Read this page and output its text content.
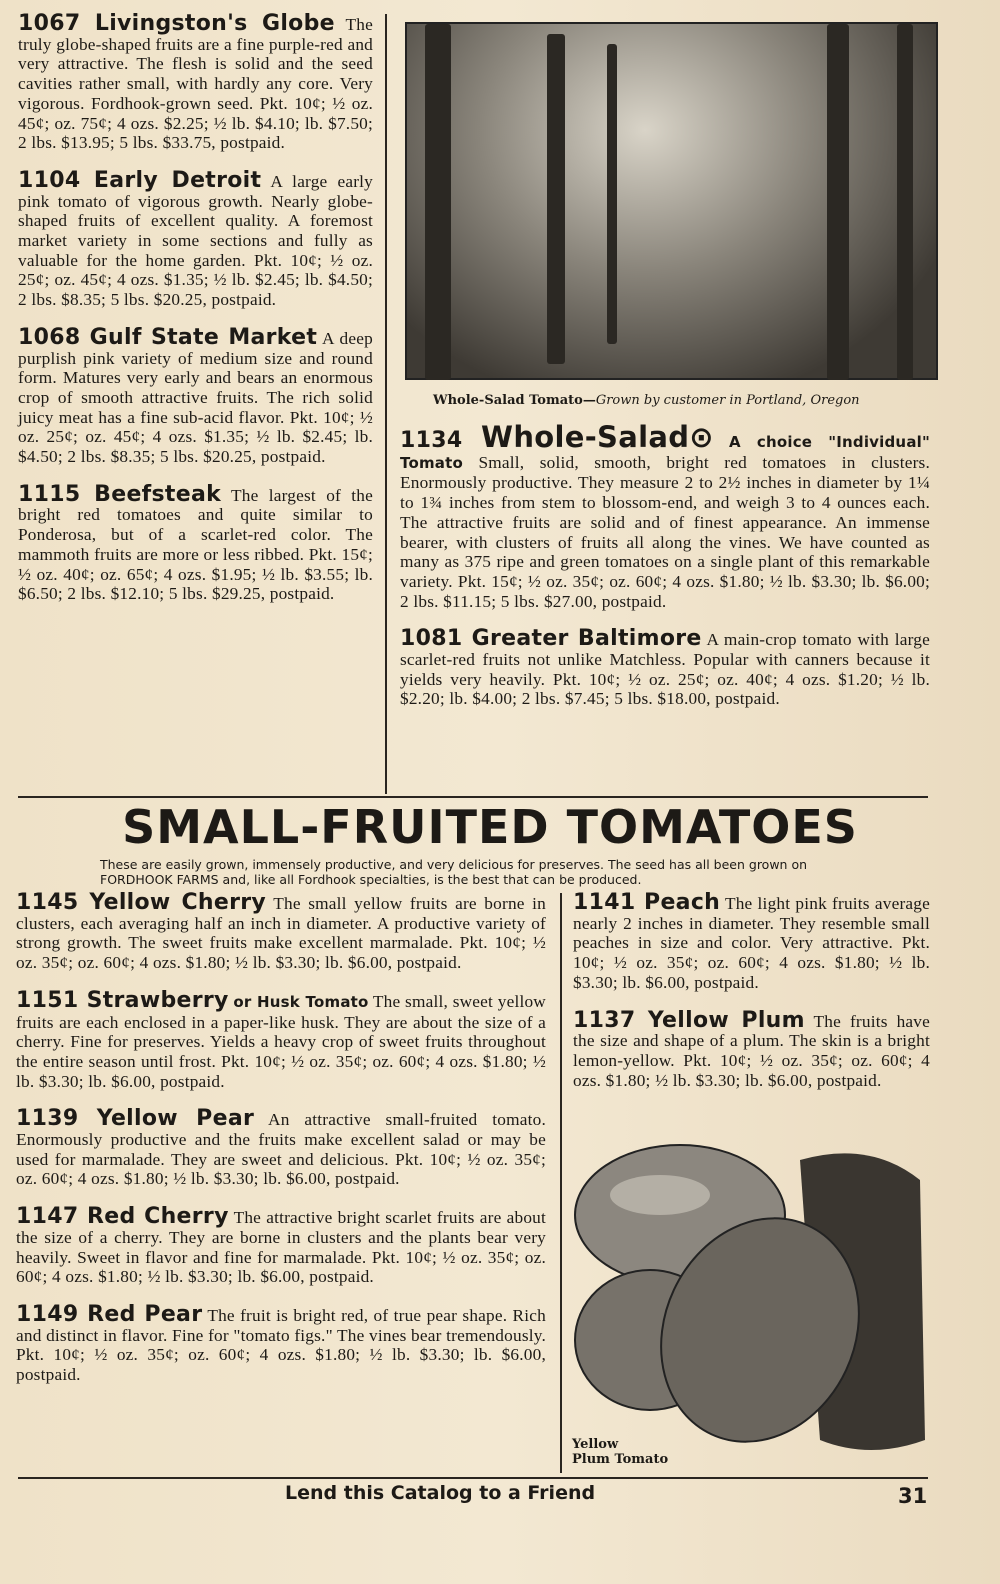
1067 Livingston's Globe The truly globe-shaped fruits are a fine purple-red and very attractive. The flesh is solid and the seed cavities rather small, with hardly any core. Very vigorous. Fordhook-grown seed. Pkt. 10¢; ½ oz. 45¢; oz. 75¢; 4 ozs. $2.25; ½ lb. $4.10; lb. $7.50; 2 lbs. $13.95; 5 lbs. $33.75, postpaid.
1104 Early Detroit A large early pink tomato of vigorous growth. Nearly globe-shaped fruits of excellent quality. A foremost market variety in some sections and fully as valuable for the home garden. Pkt. 10¢; ½ oz. 25¢; oz. 45¢; 4 ozs. $1.35; ½ lb. $2.45; lb. $4.50; 2 lbs. $8.35; 5 lbs. $20.25, postpaid.
1068 Gulf State Market A deep purplish pink variety of medium size and round form. Matures very early and bears an enormous crop of smooth attractive fruits. The rich solid juicy meat has a fine sub-acid flavor. Pkt. 10¢; ½ oz. 25¢; oz. 45¢; 4 ozs. $1.35; ½ lb. $2.45; lb. $4.50; 2 lbs. $8.35; 5 lbs. $20.25, postpaid.
1115 Beefsteak The largest of the bright red tomatoes and quite similar to Ponderosa, but of a scarlet-red color. The mammoth fruits are more or less ribbed. Pkt. 15¢; ½ oz. 40¢; oz. 65¢; 4 ozs. $1.95; ½ lb. $3.55; lb. $6.50; 2 lbs. $12.10; 5 lbs. $29.25, postpaid.
Whole-Salad Tomato—Grown by customer in Portland, Oregon
1134 Whole-Salad⊙ A choice "Individual" Tomato Small, solid, smooth, bright red tomatoes in clusters. Enormously productive. They measure 2 to 2½ inches in diameter by 1¼ to 1¾ inches from stem to blossom-end, and weigh 3 to 4 ounces each. The attractive fruits are solid and of finest appearance. An immense bearer, with clusters of fruits all along the vines. We have counted as many as 375 ripe and green tomatoes on a single plant of this remarkable variety. Pkt. 15¢; ½ oz. 35¢; oz. 60¢; 4 ozs. $1.80; ½ lb. $3.30; lb. $6.00; 2 lbs. $11.15; 5 lbs. $27.00, postpaid.
1081 Greater Baltimore A main-crop tomato with large scarlet-red fruits not unlike Matchless. Popular with canners because it yields very heavily. Pkt. 10¢; ½ oz. 25¢; oz. 40¢; 4 ozs. $1.20; ½ lb. $2.20; lb. $4.00; 2 lbs. $7.45; 5 lbs. $18.00, postpaid.
SMALL-FRUITED TOMATOES
These are easily grown, immensely productive, and very delicious for preserves. The seed has all been grown on FORDHOOK FARMS and, like all Fordhook specialties, is the best that can be produced.
1145 Yellow Cherry The small yellow fruits are borne in clusters, each averaging half an inch in diameter. A productive variety of strong growth. The sweet fruits make excellent marmalade. Pkt. 10¢; ½ oz. 35¢; oz. 60¢; 4 ozs. $1.80; ½ lb. $3.30; lb. $6.00, postpaid.
1151 Strawberry or Husk Tomato The small, sweet yellow fruits are each enclosed in a paper-like husk. They are about the size of a cherry. Fine for preserves. Yields a heavy crop of sweet fruits throughout the entire season until frost. Pkt. 10¢; ½ oz. 35¢; oz. 60¢; 4 ozs. $1.80; ½ lb. $3.30; lb. $6.00, postpaid.
1139 Yellow Pear An attractive small-fruited tomato. Enormously productive and the fruits make excellent salad or may be used for marmalade. They are sweet and delicious. Pkt. 10¢; ½ oz. 35¢; oz. 60¢; 4 ozs. $1.80; ½ lb. $3.30; lb. $6.00, postpaid.
1147 Red Cherry The attractive bright scarlet fruits are about the size of a cherry. They are borne in clusters and the plants bear very heavily. Sweet in flavor and fine for marmalade. Pkt. 10¢; ½ oz. 35¢; oz. 60¢; 4 ozs. $1.80; ½ lb. $3.30; lb. $6.00, postpaid.
1149 Red Pear The fruit is bright red, of true pear shape. Rich and distinct in flavor. Fine for "tomato figs." The vines bear tremendously. Pkt. 10¢; ½ oz. 35¢; oz. 60¢; 4 ozs. $1.80; ½ lb. $3.30; lb. $6.00, postpaid.
1141 Peach The light pink fruits average nearly 2 inches in diameter. They resemble small peaches in size and color. Very attractive. Pkt. 10¢; ½ oz. 35¢; oz. 60¢; 4 ozs. $1.80; ½ lb. $3.30; lb. $6.00, postpaid.
1137 Yellow Plum The fruits have the size and shape of a plum. The skin is a bright lemon-yellow. Pkt. 10¢; ½ oz. 35¢; oz. 60¢; 4 ozs. $1.80; ½ lb. $3.30; lb. $6.00, postpaid.
Yellow
Plum Tomato
Lend this Catalog to a Friend	31
